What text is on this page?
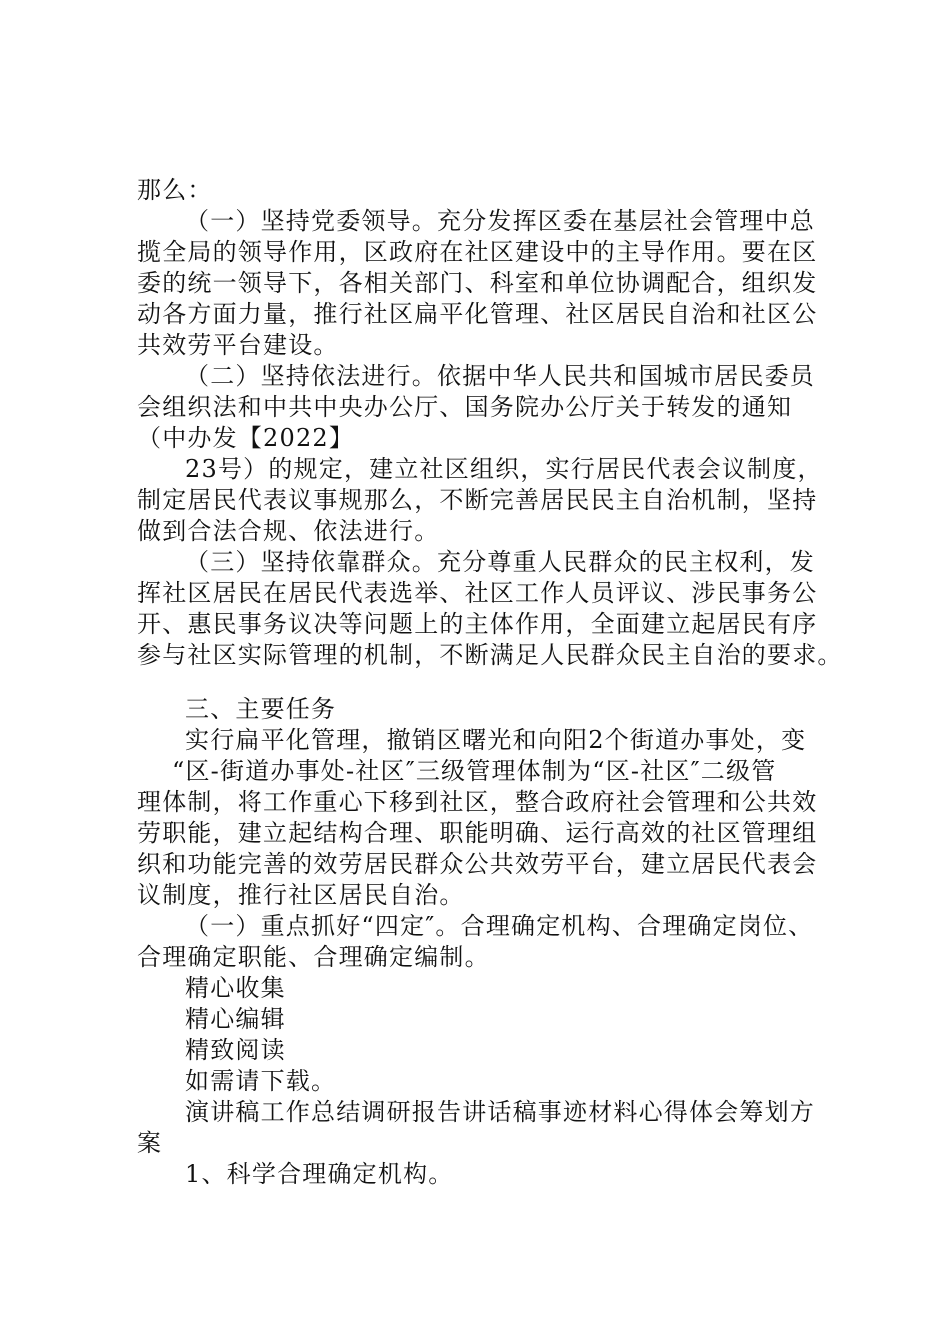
那么：
（一）坚持党委领导。充分发挥区委在基层社会管理中总
揽全局的领导作用，区政府在社区建设中的主导作用。要在区
委的统一领导下，各相关部门、科室和单位协调配合，组织发
动各方面力量，推行社区扁平化管理、社区居民自治和社区公
共效劳平台建设。
（二）坚持依法进行。依据中华人民共和国城市居民委员
会组织法和中共中央办公厅、国务院办公厅关于转发的通知
（中办发【2022】
23号）的规定，建立社区组织，实行居民代表会议制度，
制定居民代表议事规那么，不断完善居民民主自治机制，坚持
做到合法合规、依法进行。
（三）坚持依靠群众。充分尊重人民群众的民主权利，发
挥社区居民在居民代表选举、社区工作人员评议、涉民事务公
开、惠民事务议决等问题上的主体作用，全面建立起居民有序
参与社区实际管理的机制，不断满足人民群众民主自治的要求。
三、主要任务
实行扁平化管理，撤销区曙光和向阳2个街道办事处，变
“区-街道办事处-社区″三级管理体制为“区-社区″二级管
理体制，将工作重心下移到社区，整合政府社会管理和公共效
劳职能，建立起结构合理、职能明确、运行高效的社区管理组
织和功能完善的效劳居民群众公共效劳平台，建立居民代表会
议制度，推行社区居民自治。
（一）重点抓好“四定″。合理确定机构、合理确定岗位、
合理确定职能、合理确定编制。
精心收集
精心编辑
精致阅读
如需请下载。
演讲稿工作总结调研报告讲话稿事迹材料心得体会筹划方
案
1、科学合理确定机构。
